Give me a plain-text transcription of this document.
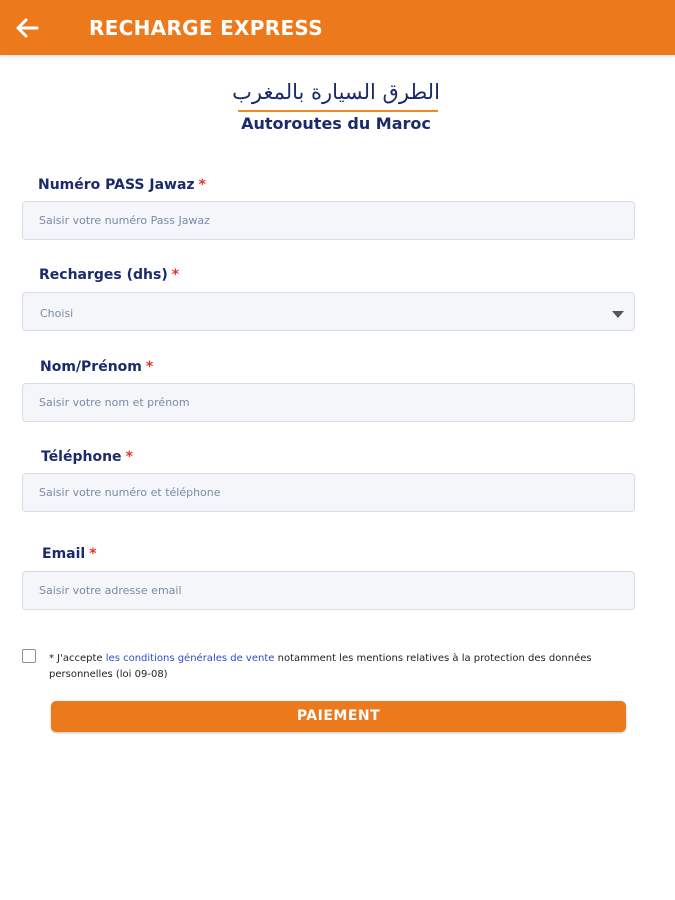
RECHARGE EXPRESS
الطرق السيارة بالمغرب
Autoroutes du Maroc
Numéro PASS Jawaz *
Saisir votre numéro Pass Jawaz
Recharges (dhs) *
Choisi
Nom/Prénom *
Saisir votre nom et prénom
Téléphone *
Saisir votre numéro et téléphone
Email *
Saisir votre adresse email
* J'accepte les conditions générales de vente notamment les mentions relatives à la protection des données personnelles (loi 09-08)
PAIEMENT
